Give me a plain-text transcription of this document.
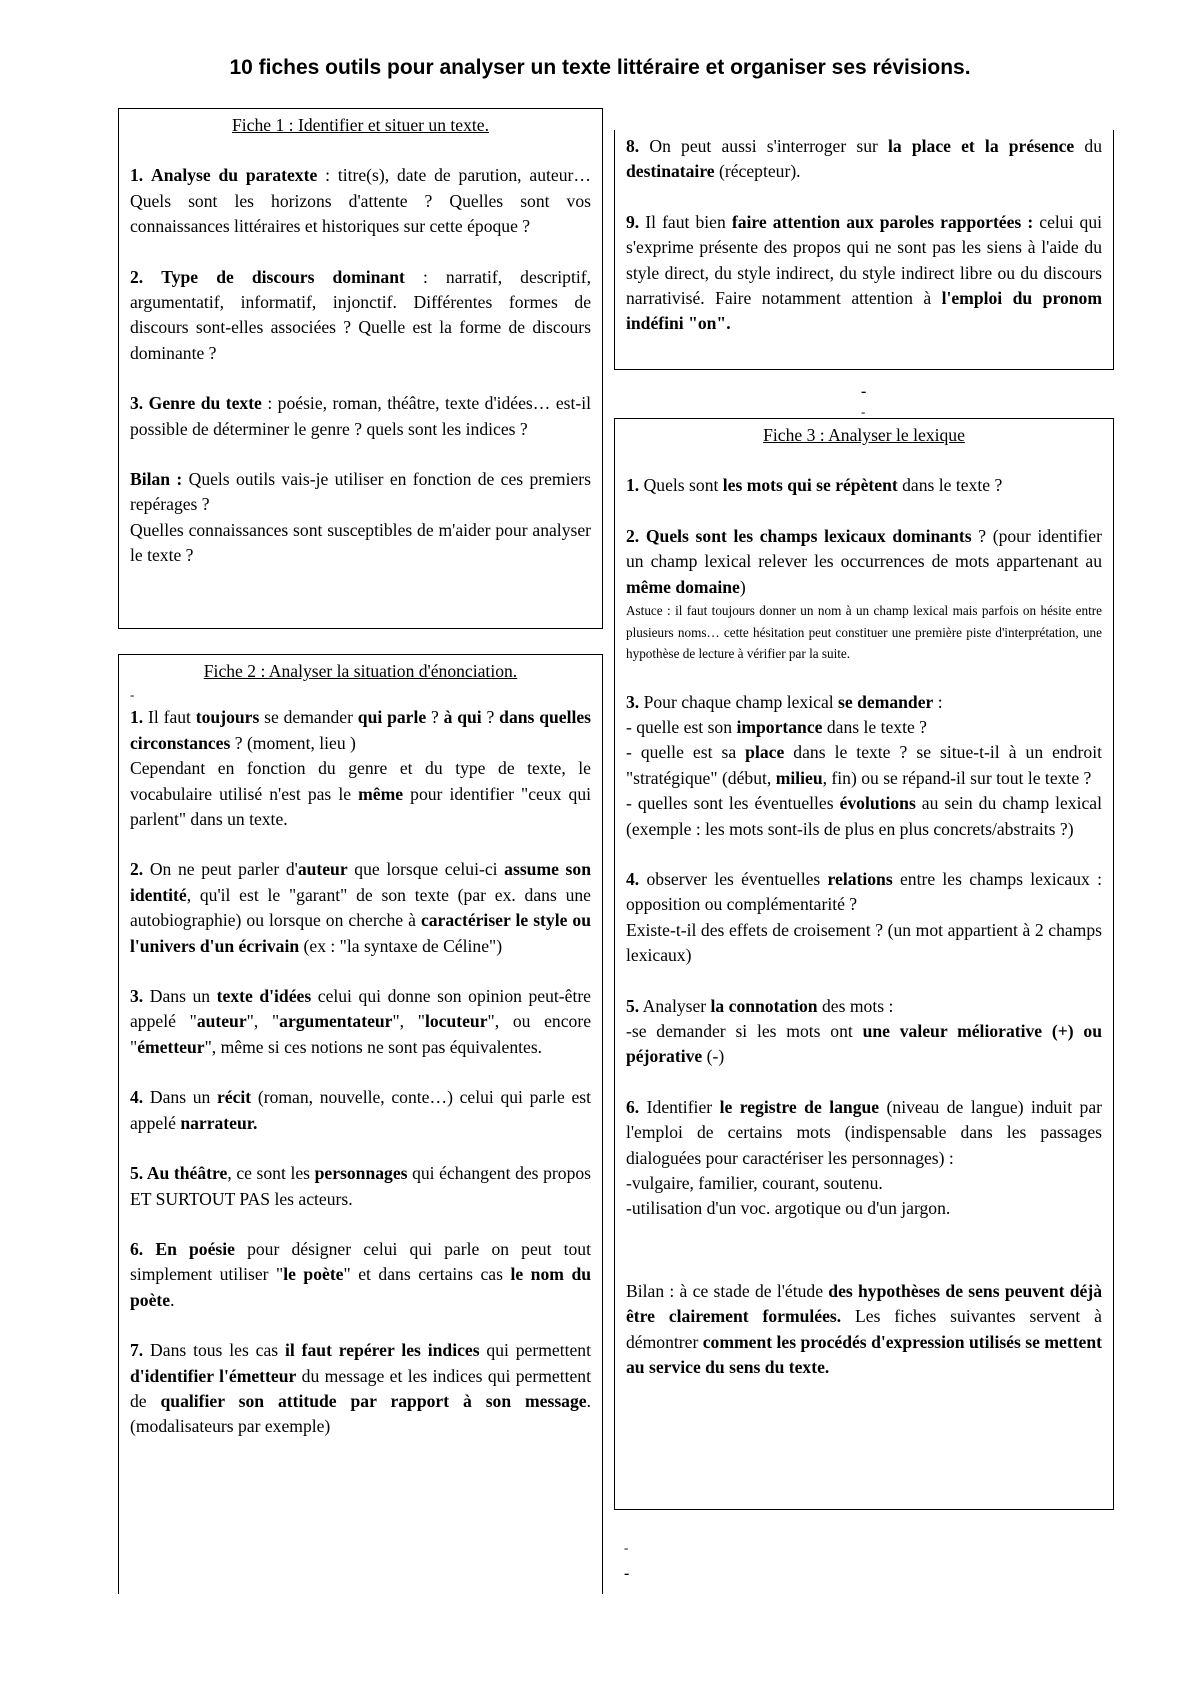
10 fiches outils pour analyser un texte littéraire et organiser ses révisions.
Fiche 1 : Identifier et situer un texte.

1. Analyse du paratexte : titre(s), date de parution, auteur…Quels sont les horizons d'attente ? Quelles sont vos connaissances littéraires et historiques sur cette époque ?

2. Type de discours dominant : narratif, descriptif, argumentatif, informatif, injonctif. Différentes formes de discours sont-elles associées ? Quelle est la forme de discours dominante ?

3. Genre du texte : poésie, roman, théâtre, texte d'idées… est-il possible de déterminer le genre ? quels sont les indices ?

Bilan : Quels outils vais-je utiliser en fonction de ces premiers repérages ?

Quelles connaissances sont susceptibles de m'aider pour analyser le texte ?

Fiche 2 : Analyser la situation d'énonciation.
-

1. Il faut toujours se demander qui parle ? à qui ? dans quelles circonstances ? (moment, lieu )

Cependant en fonction du genre et du type de texte, le vocabulaire utilisé n'est pas le même pour identifier "ceux qui parlent" dans un texte.

2. On ne peut parler d'auteur que lorsque celui-ci assume son identité, qu'il est le "garant" de son texte (par ex. dans une autobiographie) ou lorsque on cherche à caractériser le style ou l'univers d'un écrivain (ex : "la syntaxe de Céline")

3. Dans un texte d'idées celui qui donne son opinion peut-être appelé "auteur", "argumentateur", "locuteur", ou encore "émetteur", même si ces notions ne sont pas équivalentes.

4. Dans un récit (roman, nouvelle, conte…) celui qui parle est appelé narrateur.

5. Au théâtre, ce sont les personnages qui échangent des propos ET SURTOUT PAS les acteurs.

6. En poésie pour désigner celui qui parle on peut tout simplement utiliser "le poète" et dans certains cas le nom du poète.

7. Dans tous les cas il faut repérer les indices qui permettent d'identifier l'émetteur du message et les indices qui permettent de qualifier son attitude par rapport à son message. (modalisateurs par exemple)

8. On peut aussi s'interroger sur la place et la présence du destinataire (récepteur).

9. Il faut bien faire attention aux paroles rapportées : celui qui s'exprime présente des propos qui ne sont pas les siens à l'aide du style direct, du style indirect, du style indirect libre ou du discours narrativisé. Faire notamment attention à l'emploi du pronom indéfini "on".

-
-
Fiche 3 : Analyser le lexique

1. Quels sont les mots qui se répètent dans le texte ?

2. Quels sont les champs lexicaux dominants ? (pour identifier un champ lexical relever les occurrences de mots appartenant au même domaine)

Astuce : il faut toujours donner un nom à un champ lexical mais parfois on hésite entre plusieurs noms… cette hésitation peut constituer une première piste d'interprétation, une hypothèse de lecture à vérifier par la suite.

3. Pour chaque champ lexical se demander :

- quelle est son importance dans le texte ?

- quelle est sa place dans le texte ? se situe-t-il à un endroit "stratégique" (début, milieu, fin) ou se répand-il sur tout le texte ?

- quelles sont les éventuelles évolutions au sein du champ lexical (exemple : les mots sont-ils de plus en plus concrets/abstraits ?)

4. observer les éventuelles relations entre les champs lexicaux : opposition ou complémentarité ?

Existe-t-il des effets de croisement ? (un mot appartient à 2 champs lexicaux)

5. Analyser la connotation des mots :

-se demander si les mots ont une valeur méliorative (+) ou péjorative (-)

6. Identifier le registre de langue (niveau de langue) induit par l'emploi de certains mots (indispensable dans les passages dialoguées pour caractériser les personnages) :

-vulgaire, familier, courant, soutenu.

-utilisation d'un voc. argotique ou d'un jargon.

Bilan : à ce stade de l'étude des hypothèses de sens peuvent déjà être clairement formulées. Les fiches suivantes servent à démontrer comment les procédés d'expression utilisés se mettent au service du sens du texte.

-
-
